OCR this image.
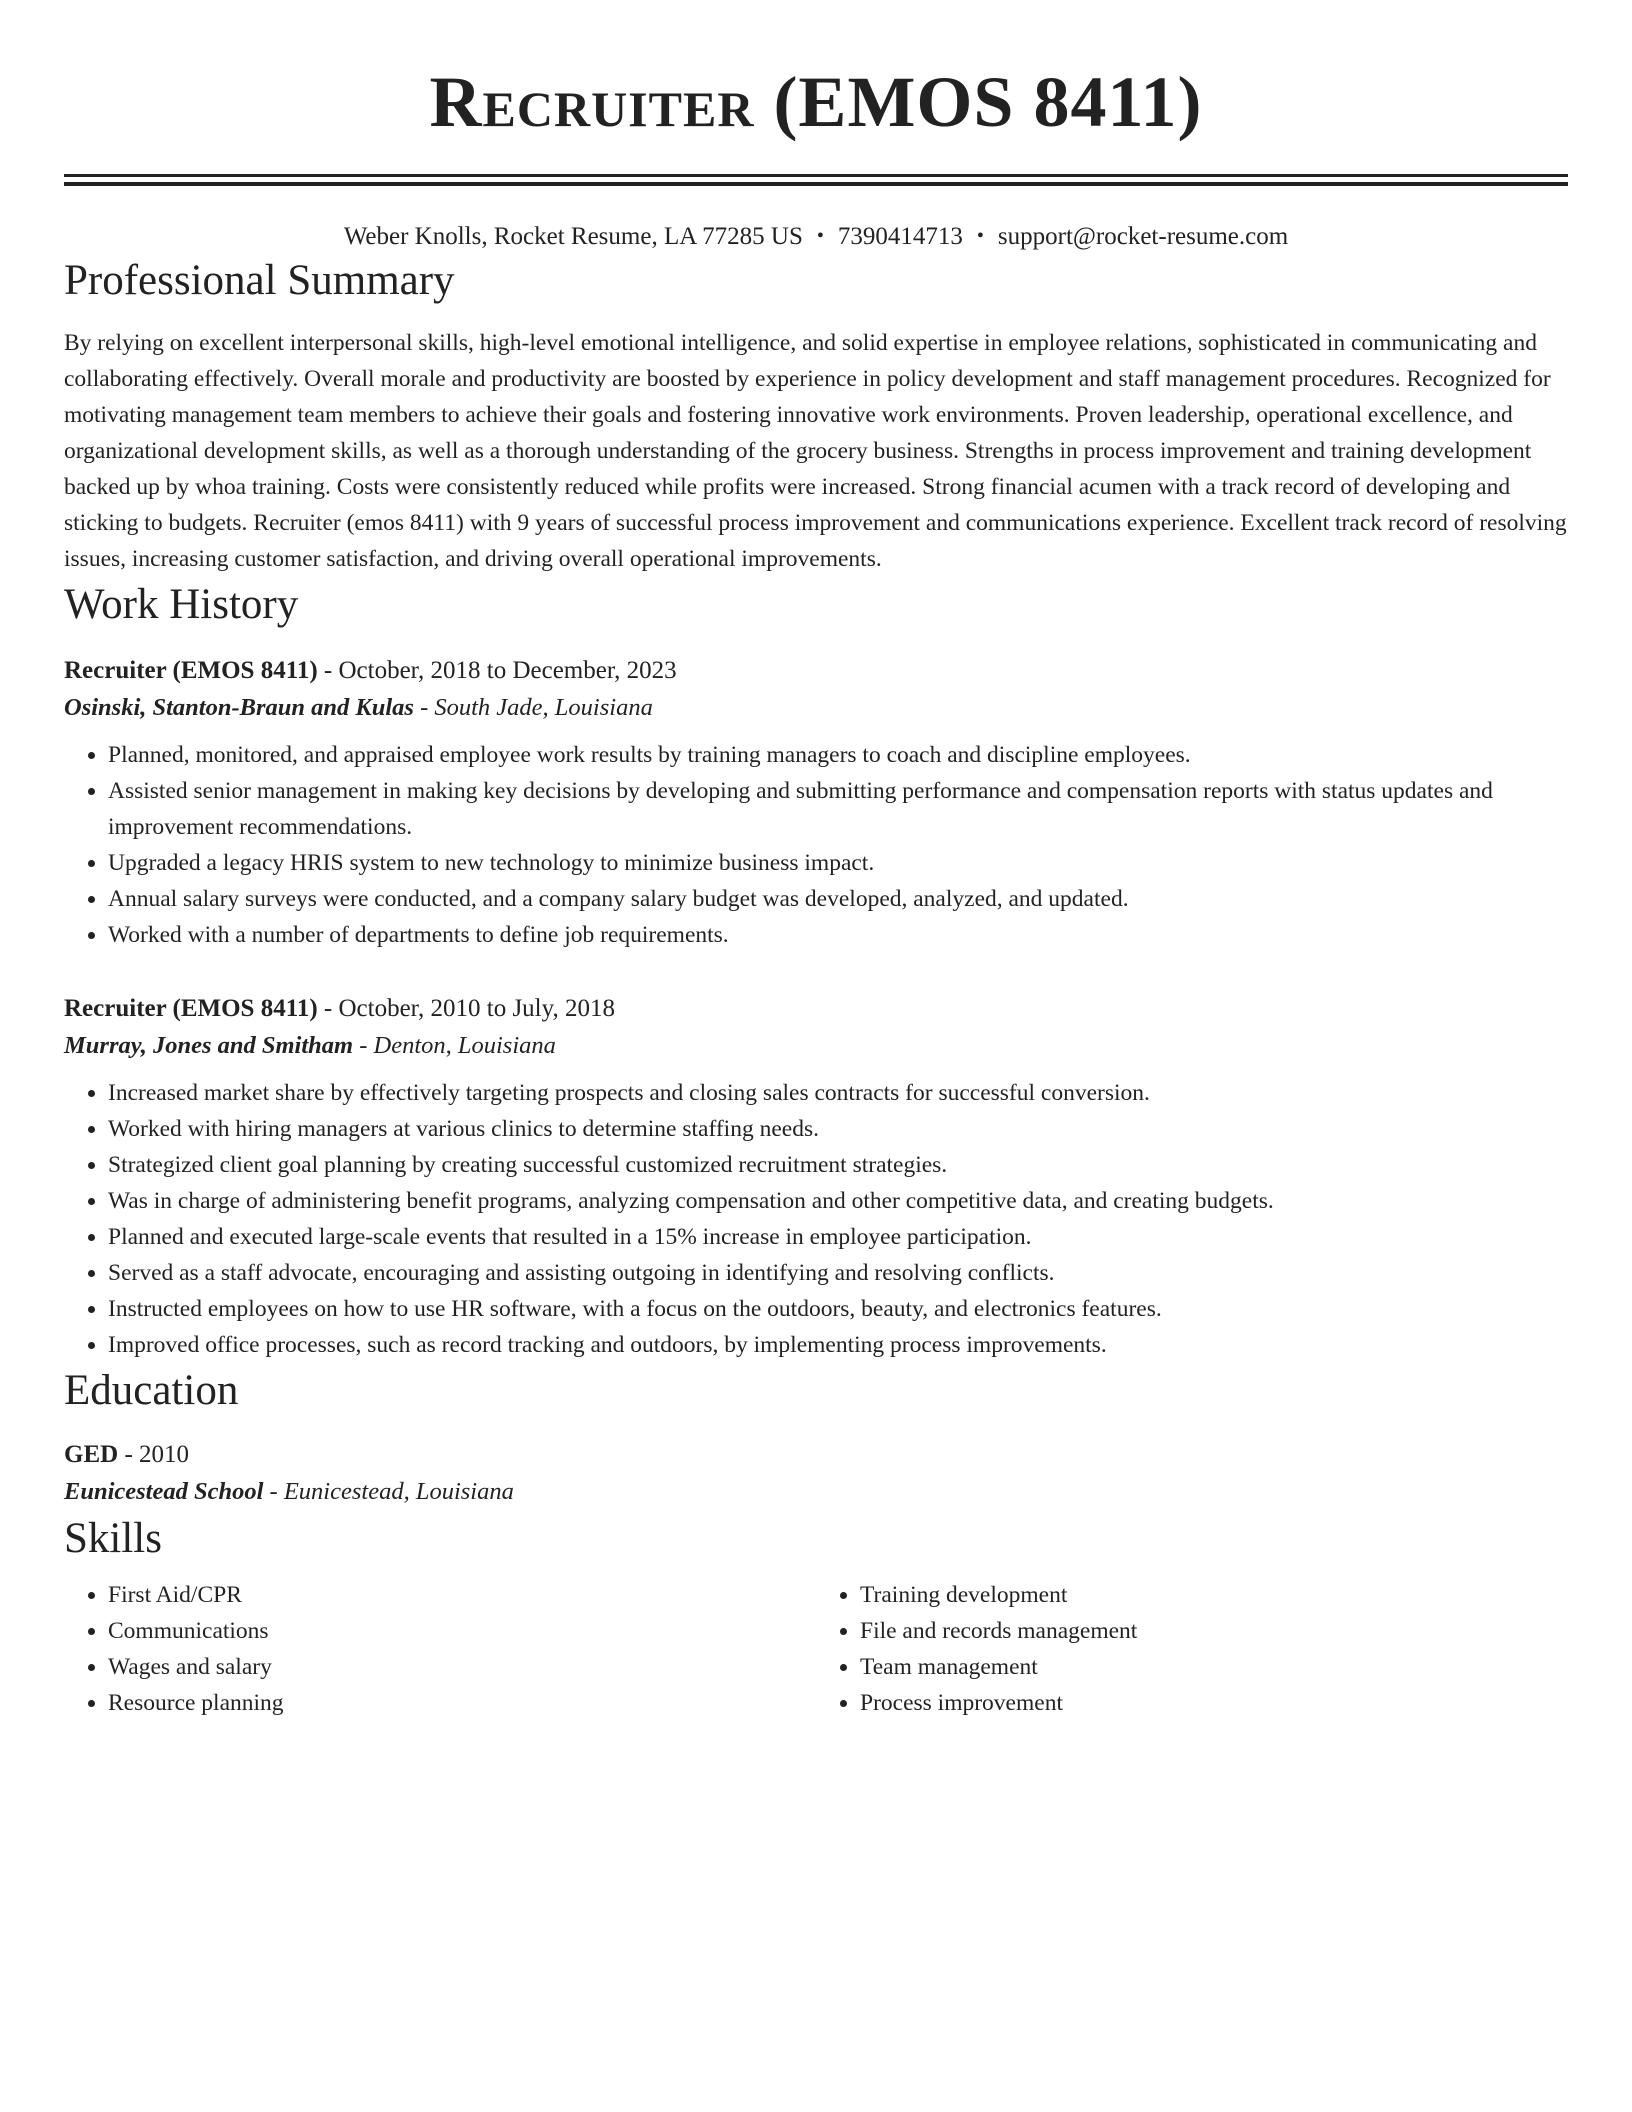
Recruiter (EMOS 8411)
Weber Knolls, Rocket Resume, LA 77285 US • 7390414713 • support@rocket-resume.com
Professional Summary
By relying on excellent interpersonal skills, high-level emotional intelligence, and solid expertise in employee relations, sophisticated in communicating and collaborating effectively. Overall morale and productivity are boosted by experience in policy development and staff management procedures. Recognized for motivating management team members to achieve their goals and fostering innovative work environments. Proven leadership, operational excellence, and organizational development skills, as well as a thorough understanding of the grocery business. Strengths in process improvement and training development backed up by whoa training. Costs were consistently reduced while profits were increased. Strong financial acumen with a track record of developing and sticking to budgets. Recruiter (emos 8411) with 9 years of successful process improvement and communications experience. Excellent track record of resolving issues, increasing customer satisfaction, and driving overall operational improvements.
Work History
Recruiter (EMOS 8411) - October, 2018 to December, 2023
Osinski, Stanton-Braun and Kulas - South Jade, Louisiana
• Planned, monitored, and appraised employee work results by training managers to coach and discipline employees.
• Assisted senior management in making key decisions by developing and submitting performance and compensation reports with status updates and improvement recommendations.
• Upgraded a legacy HRIS system to new technology to minimize business impact.
• Annual salary surveys were conducted, and a company salary budget was developed, analyzed, and updated.
• Worked with a number of departments to define job requirements.
Recruiter (EMOS 8411) - October, 2010 to July, 2018
Murray, Jones and Smitham - Denton, Louisiana
• Increased market share by effectively targeting prospects and closing sales contracts for successful conversion.
• Worked with hiring managers at various clinics to determine staffing needs.
• Strategized client goal planning by creating successful customized recruitment strategies.
• Was in charge of administering benefit programs, analyzing compensation and other competitive data, and creating budgets.
• Planned and executed large-scale events that resulted in a 15% increase in employee participation.
• Served as a staff advocate, encouraging and assisting outgoing in identifying and resolving conflicts.
• Instructed employees on how to use HR software, with a focus on the outdoors, beauty, and electronics features.
• Improved office processes, such as record tracking and outdoors, by implementing process improvements.
Education
GED - 2010
Eunicestead School - Eunicestead, Louisiana
Skills
• First Aid/CPR
• Communications
• Wages and salary
• Resource planning
• Training development
• File and records management
• Team management
• Process improvement
